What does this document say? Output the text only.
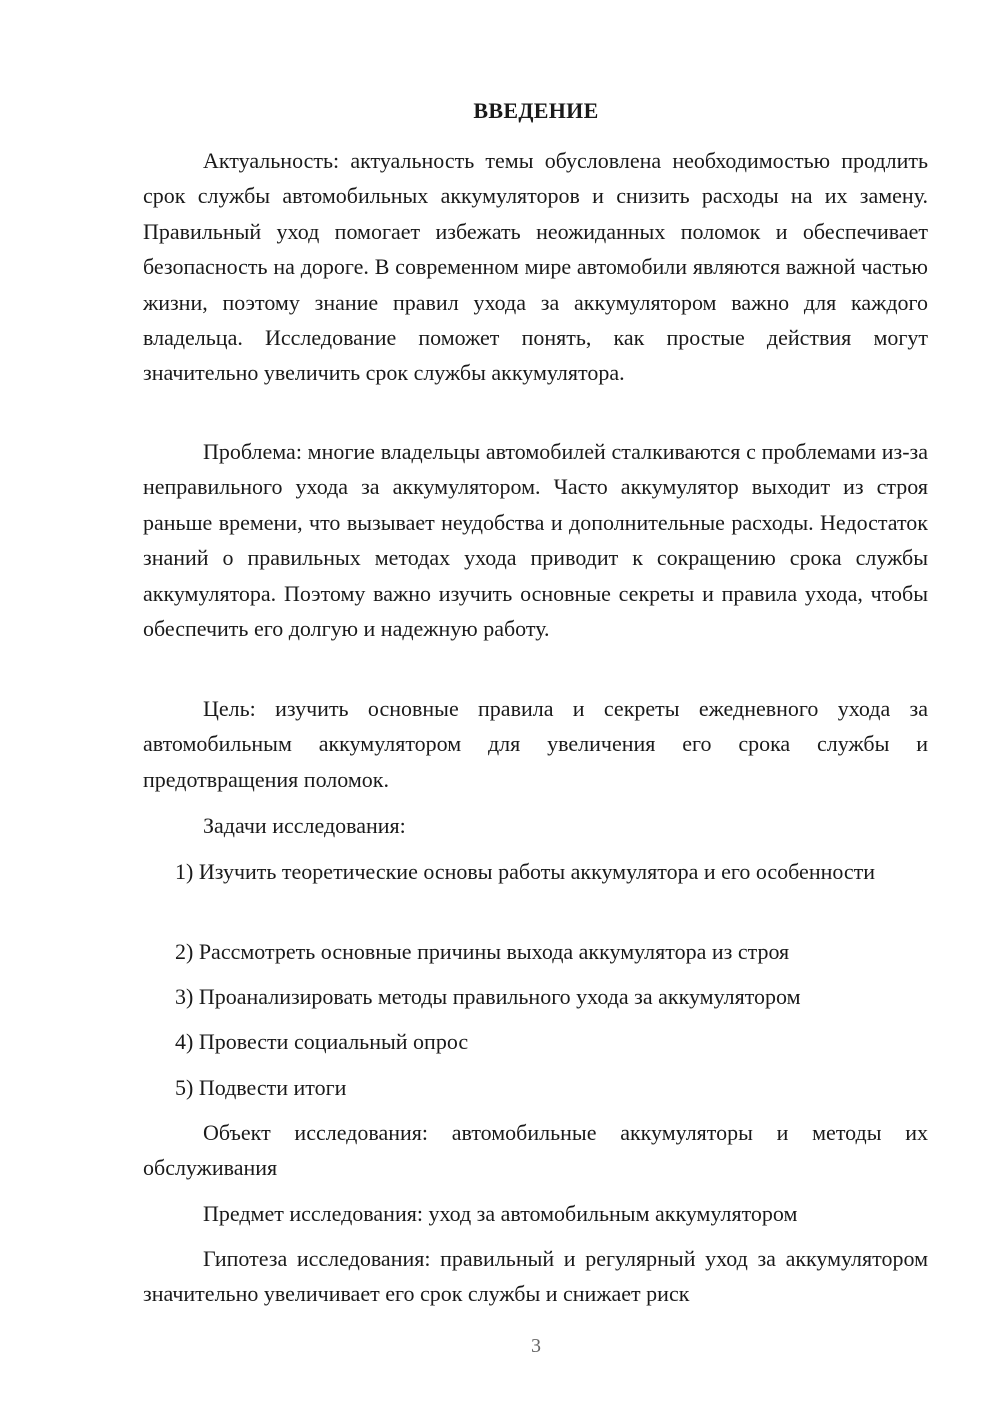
ВВЕДЕНИЕ

Актуальность: актуальность темы обусловлена необходимостью продлить срок службы автомобильных аккумуляторов и снизить расходы на их замену. Правильный уход помогает избежать неожиданных поломок и обеспечивает безопасность на дороге. В современном мире автомобили являются важной частью жизни, поэтому знание правил ухода за аккумулятором важно для каждого владельца. Исследование поможет понять, как простые действия могут значительно увеличить срок службы аккумулятора.

Проблема: многие владельцы автомобилей сталкиваются с проблемами из-за неправильного ухода за аккумулятором. Часто аккумулятор выходит из строя раньше времени, что вызывает неудобства и дополнительные расходы. Недостаток знаний о правильных методах ухода приводит к сокращению срока службы аккумулятора. Поэтому важно изучить основные секреты и правила ухода, чтобы обеспечить его долгую и надежную работу.

Цель: изучить основные правила и секреты ежедневного ухода за автомобильным аккумулятором для увеличения его срока службы и предотвращения поломок.

Задачи исследования:

1) Изучить теоретические основы работы аккумулятора и его особенности

2) Рассмотреть основные причины выхода аккумулятора из строя

3) Проанализировать методы правильного ухода за аккумулятором

4) Провести социальный опрос

5) Подвести итоги

Объект исследования: автомобильные аккумуляторы и методы их обслуживания

Предмет исследования: уход за автомобильным аккумулятором

Гипотеза исследования: правильный и регулярный уход за аккумулятором значительно увеличивает его срок службы и снижает риск

3
